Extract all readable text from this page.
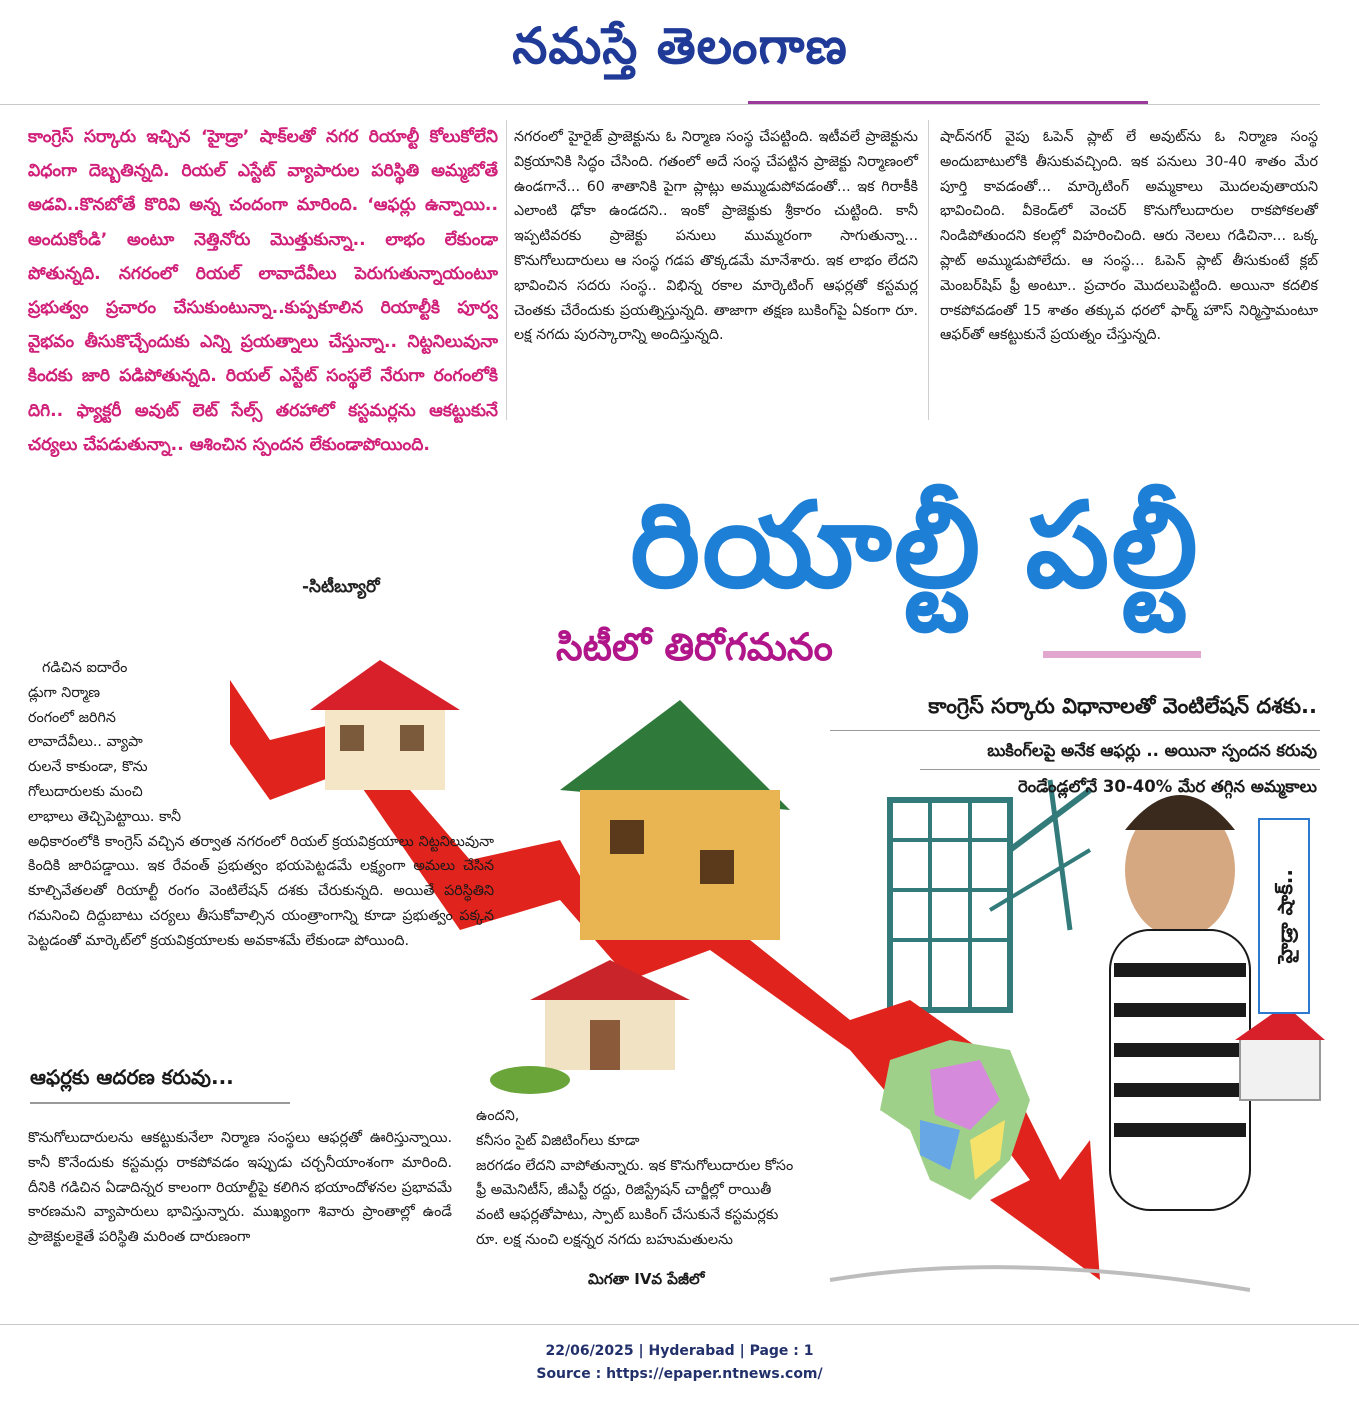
నమస్తే తెలంగాణ

కాంగ్రెస్ సర్కారు ఇచ్చిన ‘హైడ్రా’ షాక్‌లతో నగర రియాల్టీ కోలుకోలేని విధంగా దెబ్బతిన్నది. రియల్ ఎస్టేట్ వ్యాపారుల పరిస్థితి అమ్మబోతే అడవి..కొనబోతే కొరివి అన్న చందంగా మారింది. ‘ఆఫర్లు ఉన్నాయి.. అందుకోండి’ అంటూ నెత్తినోరు మొత్తుకున్నా.. లాభం లేకుండా పోతున్నది. నగరంలో రియల్ లావాదేవీలు పెరుగుతున్నాయంటూ ప్రభుత్వం ప్రచారం చేసుకుంటున్నా..కుప్పకూలిన రియాల్టీకి పూర్వ వైభవం తీసుకొచ్చేందుకు ఎన్ని ప్రయత్నాలు చేస్తున్నా.. నిట్టనిలువునా కిందకు జారి పడిపోతున్నది. రియల్ ఎస్టేట్ సంస్థలే నేరుగా రంగంలోకి దిగి.. ఫ్యాక్టరీ అవుట్ లెట్ సేల్స్ తరహాలో కస్టమర్లను ఆకట్టుకునే చర్యలు చేపడుతున్నా.. ఆశించిన స్పందన లేకుండాపోయింది.

-సిటీబ్యూరో
నగరంలో హైరైజ్ ప్రాజెక్టును ఓ నిర్మాణ సంస్థ చేపట్టింది. ఇటీవలే ప్రాజెక్టును విక్రయానికి సిద్ధం చేసింది. గతంలో అదే సంస్థ చేపట్టిన ప్రాజెక్టు నిర్మాణంలో ఉండగానే... 60 శాతానికి పైగా ప్లాట్లు అమ్ముడుపోవడంతో... ఇక గిరాకీకి ఎలాంటి ఢోకా ఉండదని.. ఇంకో ప్రాజెక్టుకు శ్రీకారం చుట్టింది. కానీ ఇప్పటివరకు ప్రాజెక్టు పనులు ముమ్మరంగా సాగుతున్నా... కొనుగోలుదారులు ఆ సంస్థ గడప తొక్కడమే మానేశారు. ఇక లాభం లేదని భావించిన సదరు సంస్థ.. విభిన్న రకాల మార్కెటింగ్ ఆఫర్లతో కస్టమర్ల చెంతకు చేరేందుకు ప్రయత్నిస్తున్నది. తాజాగా తక్షణ బుకింగ్‌పై ఏకంగా రూ. లక్ష నగదు పురస్కారాన్ని అందిస్తున్నది.
షాద్‌నగర్ వైపు ఓపెన్ ప్లాట్ లే అవుట్‌ను ఓ నిర్మాణ సంస్థ అందుబాటులోకి తీసుకువచ్చింది. ఇక పనులు 30-40 శాతం మేర పూర్తి కావడంతో... మార్కెటింగ్ అమ్మకాలు మొదలవుతాయని భావించింది. వీకెండ్‌లో వెంచర్ కొనుగోలుదారుల రాకపోకలతో నిండిపోతుందని కలల్లో విహరించింది. ఆరు నెలలు గడిచినా... ఒక్క ప్లాట్ అమ్ముడుపోలేదు. ఆ సంస్థ... ఓపెన్ ప్లాట్ తీసుకుంటే క్లబ్ మెంబర్‌షిప్ ఫ్రీ అంటూ.. ప్రచారం మొదలుపెట్టింది. అయినా కదలిక రాకపోవడంతో 15 శాతం తక్కువ ధరలో ఫార్మ్ హౌస్ నిర్మిస్తామంటూ ఆఫర్‌తో ఆకట్టుకునే ప్రయత్నం చేస్తున్నది.
రియాల్టీ పల్టీ
సిటీలో తిరోగమనం
కాంగ్రెస్ సర్కారు విధానాలతో వెంటిలేషన్ దశకు..
బుకింగ్‌లపై అనేక ఆఫర్లు .. అయినా స్పందన కరువు
రెండేండ్లలోనే 30-40% మేర తగ్గిన అమ్మకాలు
హైడ్రా షాక్..
గడిచిన ఐదారేం
డ్లుగా నిర్మాణ
రంగంలో జరిగిన
లావాదేవీలు.. వ్యాపా
రులనే కాకుండా, కొను
గోలుదారులకు మంచి
లాభాలు తెచ్చిపెట్టాయి. కానీ
అధికారంలోకి కాంగ్రెస్ వచ్చిన తర్వాత నగరంలో రియల్ క్రయవిక్రయాలు నిట్టనిలువునా కిందికి జారిపడ్డాయి. ఇక రేవంత్ ప్రభుత్వం భయపెట్టడమే లక్ష్యంగా అమలు చేసిన కూల్చివేతలతో రియాల్టీ రంగం వెంటిలేషన్ దశకు చేరుకున్నది. అయితే పరిస్థితిని గమనించి దిద్దుబాటు చర్యలు తీసుకోవాల్సిన యంత్రాంగాన్ని కూడా ప్రభుత్వం పక్కన పెట్టడంతో మార్కెట్‌లో క్రయవిక్రయాలకు అవకాశమే లేకుండా పోయింది.
ఆఫర్లకు ఆదరణ కరువు...
కొనుగోలుదారులను ఆకట్టుకునేలా నిర్మాణ సంస్థలు ఆఫర్లతో ఊరిస్తున్నాయి. కానీ కొనేందుకు కస్టమర్లు రాకపోవడం ఇప్పుడు చర్చనీయాంశంగా మారింది. దీనికి గడిచిన ఏడాదిన్నర కాలంగా రియాల్టీపై కలిగిన భయాందోళనల ప్రభావమే కారణమని వ్యాపారులు భావిస్తున్నారు. ముఖ్యంగా శివారు ప్రాంతాల్లో ఉండే ప్రాజెక్టులకైతే పరిస్థితి మరింత దారుణంగా
ఉందని,
కనీసం సైట్ విజిటింగ్‌లు కూడా
జరగడం లేదని వాపోతున్నారు. ఇక కొనుగోలుదారుల కోసం
ఫ్రీ అమెనిటీస్, జీఎస్టీ రద్దు, రిజిస్ట్రేషన్ చార్జీల్లో రాయితీ
వంటి ఆఫర్లతోపాటు, స్పాట్ బుకింగ్ చేసుకునే కస్టమర్లకు
రూ. లక్ష నుంచి లక్షన్నర నగదు బహుమతులను
మిగతా IVవ పేజీలో
22/06/2025 | Hyderabad | Page : 1
Source : https://epaper.ntnews.com/
